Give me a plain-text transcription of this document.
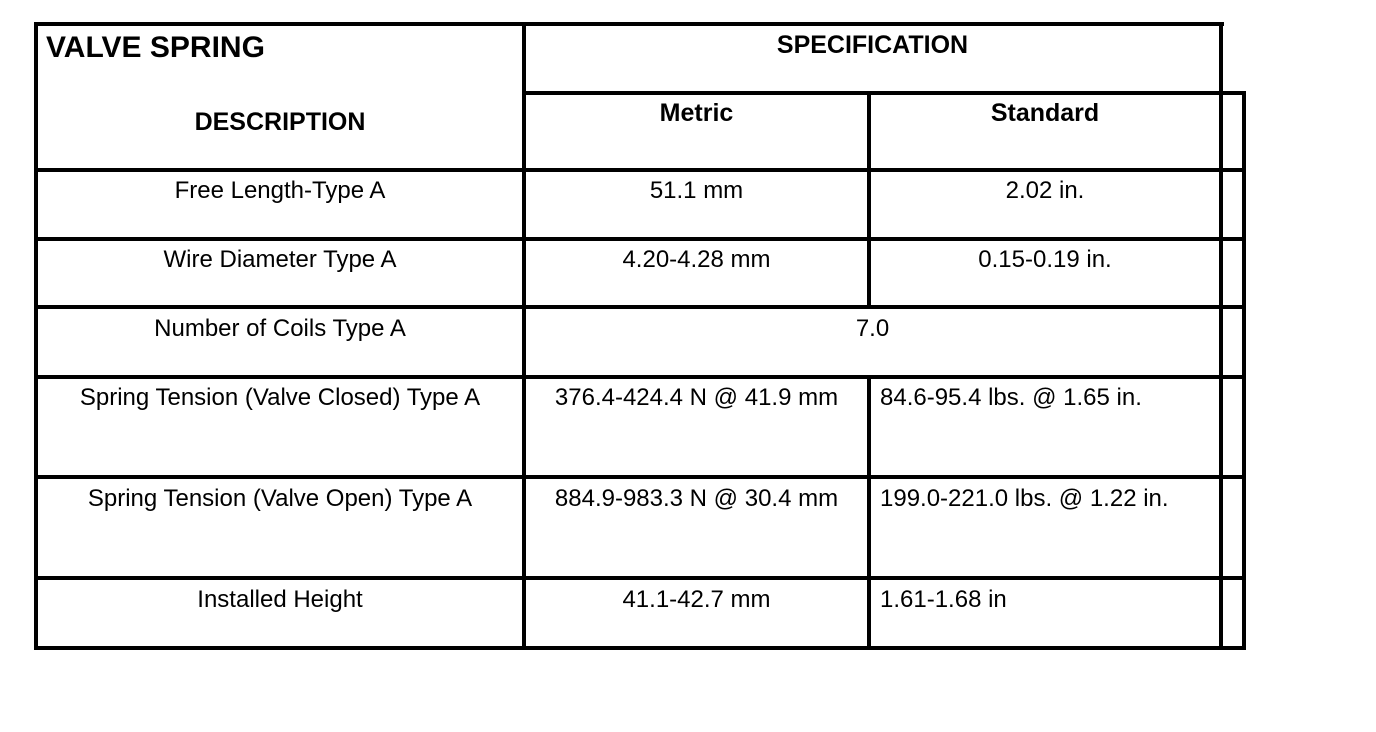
VALVE SPRING	SPECIFICATION
DESCRIPTION	Metric	Standard
Free Length-Type A	51.1 mm	2.02 in.
Wire Diameter Type A	4.20-4.28 mm	0.15-0.19 in.
Number of Coils Type A	7.0
Spring Tension (Valve Closed) Type A	376.4-424.4 N @ 41.9 mm	84.6-95.4 lbs. @ 1.65 in.
Spring Tension (Valve Open) Type A	884.9-983.3 N @ 30.4 mm	199.0-221.0 lbs. @ 1.22 in.
Installed Height	41.1-42.7 mm	1.61-1.68 in
